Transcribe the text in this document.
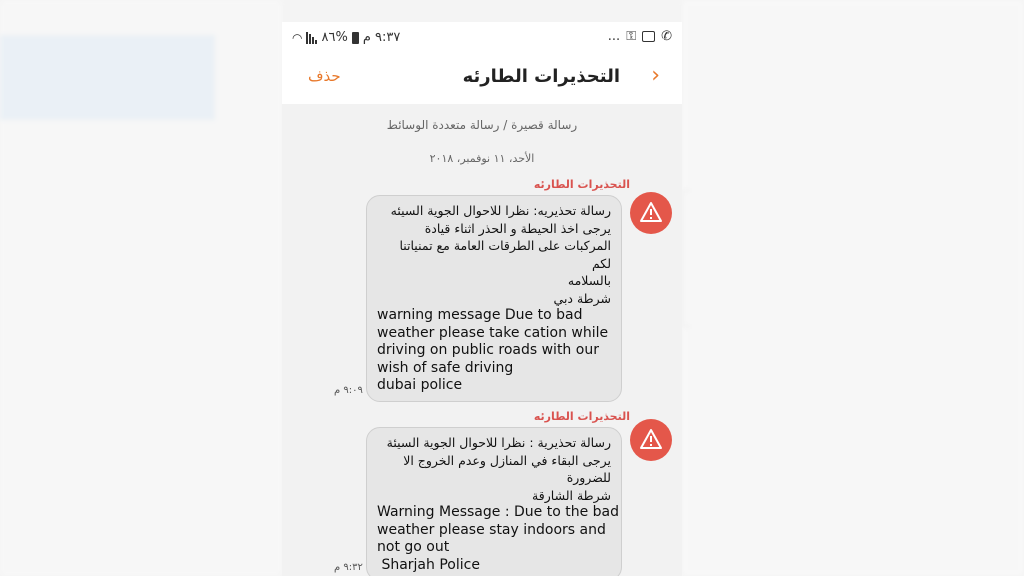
٩:٣٧ م
%٨٦
◠	... ⚿ ✆
›
التحذيرات الطارئه
حذف
رسالة قصيرة / رسالة متعددة الوسائط
الأحد، ١١ نوفمبر، ٢٠١٨
التحذيرات الطارئه
رسالة تحذيريه: نظرا للاحوال الجوية السيئه
يرجى اخذ الحيطة و الحذر اثناء قيادة
المركبات على الطرقات العامة مع تمنياتنا لكم
بالسلامه
شرطة دبي
warning message Due to bad
weather please take cation while
driving on public roads with our
wish of safe driving
dubai police
٩:٠٩ م
التحذيرات الطارئه
رسالة تحذيرية : نظرا للاحوال الجوية السيئة
يرجى البقاء في المنازل وعدم الخروج الا
للضرورة
شرطة الشارقة
Warning Message : Due to the bad
weather please stay indoors and
not go out
Sharjah Police
٩:٣٢ م
